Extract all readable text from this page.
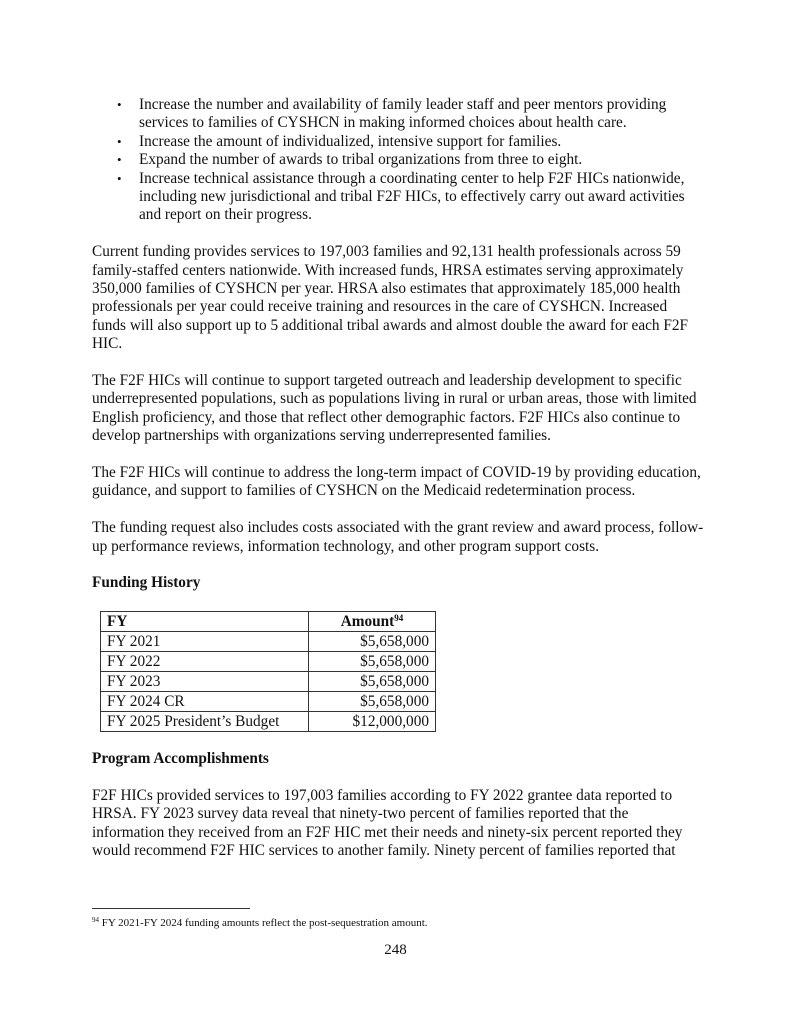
• Increase the number and availability of family leader staff and peer mentors providing services to families of CYSHCN in making informed choices about health care.
• Increase the amount of individualized, intensive support for families.
• Expand the number of awards to tribal organizations from three to eight.
• Increase technical assistance through a coordinating center to help F2F HICs nationwide, including new jurisdictional and tribal F2F HICs, to effectively carry out award activities and report on their progress.

Current funding provides services to 197,003 families and 92,131 health professionals across 59 family-staffed centers nationwide. With increased funds, HRSA estimates serving approximately 350,000 families of CYSHCN per year. HRSA also estimates that approximately 185,000 health professionals per year could receive training and resources in the care of CYSHCN. Increased funds will also support up to 5 additional tribal awards and almost double the award for each F2F HIC.

The F2F HICs will continue to support targeted outreach and leadership development to specific underrepresented populations, such as populations living in rural or urban areas, those with limited English proficiency, and those that reflect other demographic factors. F2F HICs also continue to develop partnerships with organizations serving underrepresented families.

The F2F HICs will continue to address the long-term impact of COVID-19 by providing education, guidance, and support to families of CYSHCN on the Medicaid redetermination process.

The funding request also includes costs associated with the grant review and award process, follow-up performance reviews, information technology, and other program support costs.

Funding History
FY	Amount$^{94}$
FY 2021	$5,658,000
FY 2022	$5,658,000
FY 2023	$5,658,000
FY 2024 CR	$5,658,000
FY 2025 President’s Budget	$12,000,000
Program Accomplishments

F2F HICs provided services to 197,003 families according to FY 2022 grantee data reported to HRSA. FY 2023 survey data reveal that ninety-two percent of families reported that the information they received from an F2F HIC met their needs and ninety-six percent reported they would recommend F2F HIC services to another family. Ninety percent of families reported that

$^{94}$ FY 2021-FY 2024 funding amounts reflect the post-sequestration amount.
248
